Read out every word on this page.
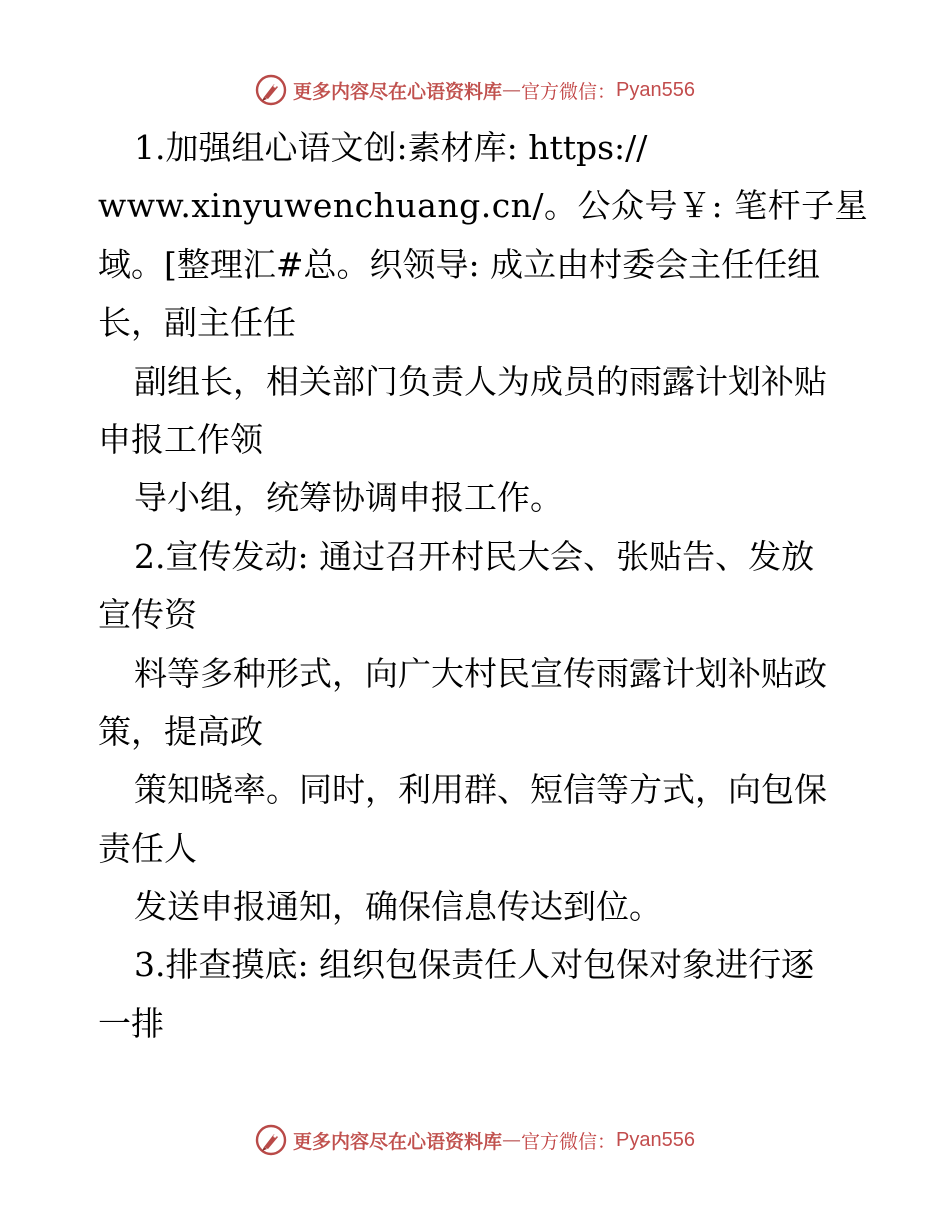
更多内容尽在心语资料库 — 官方微信： Pyan556
1.加强组心语文创:素材库: https://
www.xinyuwenchuang.cn/。公众号￥: 笔杆子星
域。[整理汇#总。织领导: 成立由村委会主任任组
长，副主任任
副组长，相关部门负责人为成员的雨露计划补贴
申报工作领
导小组，统筹协调申报工作。
2.宣传发动: 通过召开村民大会、张贴告、发放
宣传资
料等多种形式，向广大村民宣传雨露计划补贴政
策，提高政
策知晓率。同时，利用群、短信等方式，向包保
责任人
发送申报通知，确保信息传达到位。
3.排查摸底: 组织包保责任人对包保对象进行逐
一排
更多内容尽在心语资料库 — 官方微信： Pyan556
